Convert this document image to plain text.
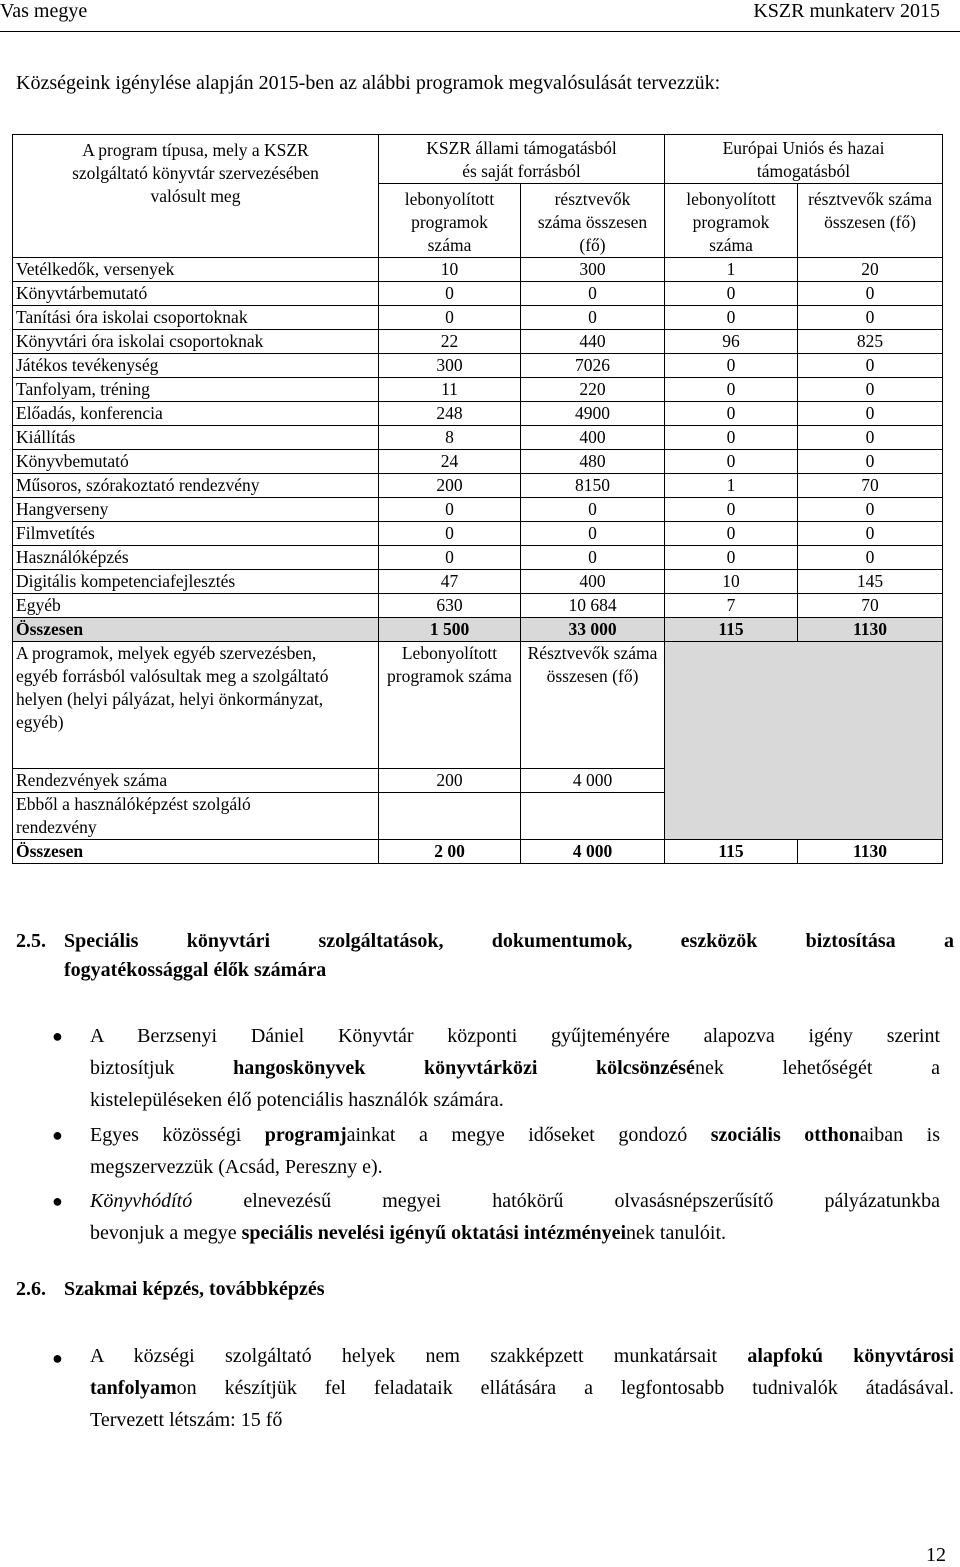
Vas megye	KSZR munkaterv 2015
Községeink igénylése alapján 2015-ben az alábbi programok megvalósulását tervezzük:
A program típusa, mely a KSZR szolgáltató könyvtár szervezésében valósult meg	KSZR állami támogatásból és saját forrásból		Európai Uniós és hazai támogatásból	
	lebonyolított programok száma	résztvevők száma összesen (fő)	lebonyolított programok száma	résztvevők száma összesen (fő)
Vetélkedők, versenyek	10	300	1	20
Könyvtárbemutató	0	0	0	0
Tanítási óra iskolai csoportoknak	0	0	0	0
Könyvtári óra iskolai csoportoknak	22	440	96	825
Játékos tevékenység	300	7026	0	0
Tanfolyam, tréning	11	220	0	0
Előadás, konferencia	248	4900	0	0
Kiállítás	8	400	0	0
Könyvbemutató	24	480	0	0
Műsoros, szórakoztató rendezvény	200	8150	1	70
Hangverseny	0	0	0	0
Filmvetítés	0	0	0	0
Használóképzés	0	0	0	0
Digitális kompetenciafejlesztés	47	400	10	145
Egyéb	630	10 684	7	70
Összesen	1 500	33 000	115	1130
A programok, melyek egyéb szervezésben, egyéb forrásból valósultak meg a szolgáltató helyen (helyi pályázat, helyi önkormányzat, egyéb)	Lebonyolított programok száma	Résztvevők száma összesen (fő)		
Rendezvények száma	200	4 000		
Ebből a használóképzést szolgáló rendezvény				
Összesen	2 00	4 000	115	1130
2.5. Speciális könyvtári szolgáltatások, dokumentumok, eszközök biztosítása a
fogyatékossággal élők számára
● A Berzsenyi Dániel Könyvtár központi gyűjteményére alapozva igény szerint
biztosítjuk hangoskönyvek könyvtárközi kölcsönzésének lehetőségét a
kistelepüléseken élő potenciális használók számára.
● Egyes közösségi programjainkat a megye időseket gondozó szociális otthonaiban is
megszervezzük (Acsád, Pereszny e).
● Könyvhódító elnevezésű megyei hatókörű olvasásnépszerűsítő pályázatunkba
bevonjuk a megye speciális nevelési igényű oktatási intézményeinek tanulóit.
2.6. Szakmai képzés, továbbképzés
● A községi szolgáltató helyek nem szakképzett munkatársait alapfokú könyvtárosi
tanfolyamon készítjük fel feladataik ellátására a legfontosabb tudnivalók átadásával.
Tervezett létszám: 15 fő
12
